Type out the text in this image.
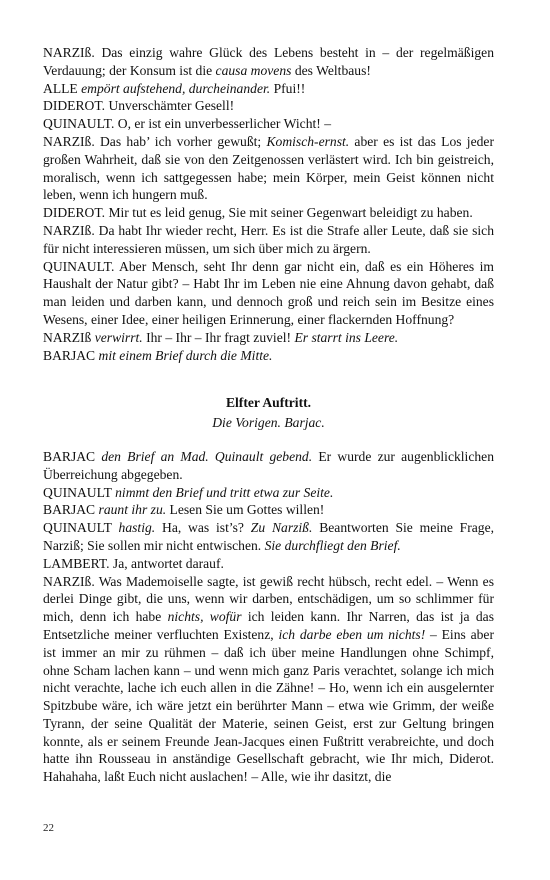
NARZIß. Das einzig wahre Glück des Lebens besteht in – der regelmäßigen Verdauung; der Konsum ist die causa movens des Weltbaus!

ALLE empört aufstehend, durcheinander. Pfui!!

DIDEROT. Unverschämter Gesell!

QUINAULT. O, er ist ein unverbesserlicher Wicht! –

NARZIß. Das hab’ ich vorher gewußt; Komisch-ernst. aber es ist das Los jeder großen Wahrheit, daß sie von den Zeitgenossen verlästert wird. Ich bin geistreich, moralisch, wenn ich sattgegessen habe; mein Körper, mein Geist können nicht leben, wenn ich hungern muß.

DIDEROT. Mir tut es leid genug, Sie mit seiner Gegenwart beleidigt zu haben.

NARZIß. Da habt Ihr wieder recht, Herr. Es ist die Strafe aller Leute, daß sie sich für nicht interessieren müssen, um sich über mich zu ärgern.

QUINAULT. Aber Mensch, seht Ihr denn gar nicht ein, daß es ein Höheres im Haushalt der Natur gibt? – Habt Ihr im Leben nie eine Ahnung davon gehabt, daß man leiden und darben kann, und dennoch groß und reich sein im Besitze eines Wesens, einer Idee, einer heiligen Erinnerung, einer flackernden Hoffnung?

NARZIß verwirrt. Ihr – Ihr – Ihr fragt zuviel! Er starrt ins Leere.

BARJAC mit einem Brief durch die Mitte.

Elfter Auftritt.

Die Vorigen. Barjac.

BARJAC den Brief an Mad. Quinault gebend. Er wurde zur augenblicklichen Überreichung abgegeben.

QUINAULT nimmt den Brief und tritt etwa zur Seite.

BARJAC raunt ihr zu. Lesen Sie um Gottes willen!

QUINAULT hastig. Ha, was ist’s? Zu Narziß. Beantworten Sie meine Frage, Narziß; Sie sollen mir nicht entwischen. Sie durchfliegt den Brief.

LAMBERT. Ja, antwortet darauf.

NARZIß. Was Mademoiselle sagte, ist gewiß recht hübsch, recht edel. – Wenn es derlei Dinge gibt, die uns, wenn wir darben, entschädigen, um so schlimmer für mich, denn ich habe nichts, wofür ich leiden kann. Ihr Narren, das ist ja das Entsetzliche meiner verfluchten Existenz, ich darbe eben um nichts! – Eins aber ist immer an mir zu rühmen – daß ich über meine Handlungen ohne Schimpf, ohne Scham lachen kann – und wenn mich ganz Paris verachtet, solange ich mich nicht verachte, lache ich euch allen in die Zähne! – Ho, wenn ich ein ausgelernter Spitzbube wäre, ich wäre jetzt ein berührter Mann – etwa wie Grimm, der weiße Tyrann, der seine Qualität der Materie, seinen Geist, erst zur Geltung bringen konnte, als er seinem Freunde Jean-Jacques einen Fußtritt verabreichte, und doch hatte ihn Rousseau in anständige Gesellschaft gebracht, wie Ihr mich, Diderot. Hahahaha, laßt Euch nicht auslachen! – Alle, wie ihr dasitzt, die

22
